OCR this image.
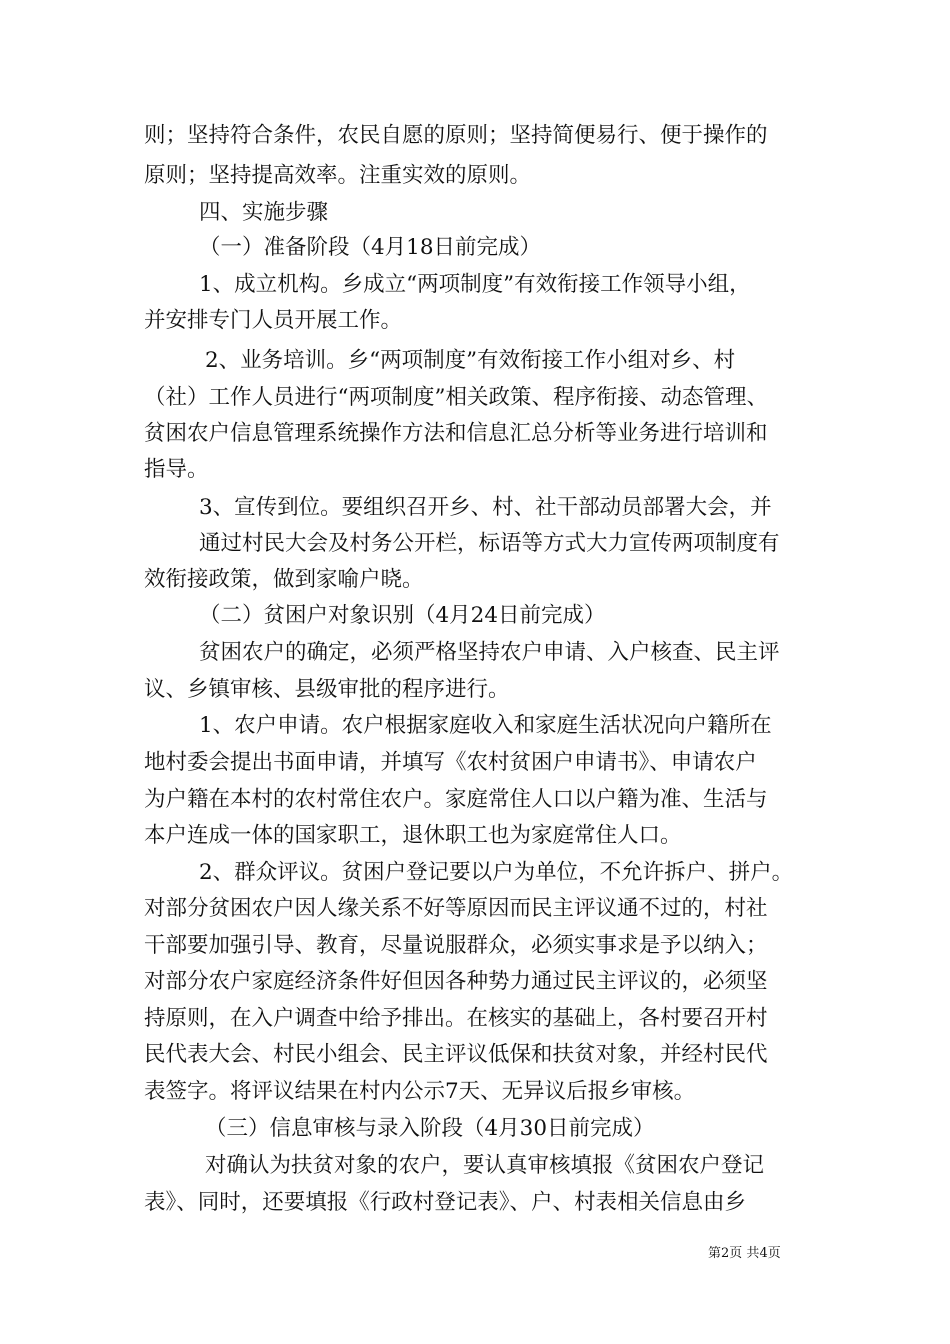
则；坚持符合条件，农民自愿的原则；坚持简便易行、便于操作的
原则；坚持提高效率。注重实效的原则。
四、实施步骤
（一）准备阶段（4月18日前完成）
1、成立机构。乡成立“两项制度”有效衔接工作领导小组，
并安排专门人员开展工作。
2、业务培训。乡“两项制度”有效衔接工作小组对乡、村
（社）工作人员进行“两项制度”相关政策、程序衔接、动态管理、
贫困农户信息管理系统操作方法和信息汇总分析等业务进行培训和
指导。
3、宣传到位。要组织召开乡、村、社干部动员部署大会，并
通过村民大会及村务公开栏，标语等方式大力宣传两项制度有
效衔接政策，做到家喻户晓。
（二）贫困户对象识别（4月24日前完成）
贫困农户的确定，必须严格坚持农户申请、入户核查、民主评
议、乡镇审核、县级审批的程序进行。
1、农户申请。农户根据家庭收入和家庭生活状况向户籍所在
地村委会提出书面申请，并填写《农村贫困户申请书》、申请农户
为户籍在本村的农村常住农户。家庭常住人口以户籍为准、生活与
本户连成一体的国家职工，退休职工也为家庭常住人口。
2、群众评议。贫困户登记要以户为单位，不允许拆户、拼户。
对部分贫困农户因人缘关系不好等原因而民主评议通不过的，村社
干部要加强引导、教育，尽量说服群众，必须实事求是予以纳入；
对部分农户家庭经济条件好但因各种势力通过民主评议的，必须坚
持原则，在入户调查中给予排出。在核实的基础上，各村要召开村
民代表大会、村民小组会、民主评议低保和扶贫对象，并经村民代
表签字。将评议结果在村内公示7天、无异议后报乡审核。
（三）信息审核与录入阶段（4月30日前完成）
对确认为扶贫对象的农户，要认真审核填报《贫困农户登记
表》、同时，还要填报《行政村登记表》、户、村表相关信息由乡
第2页 共4页
